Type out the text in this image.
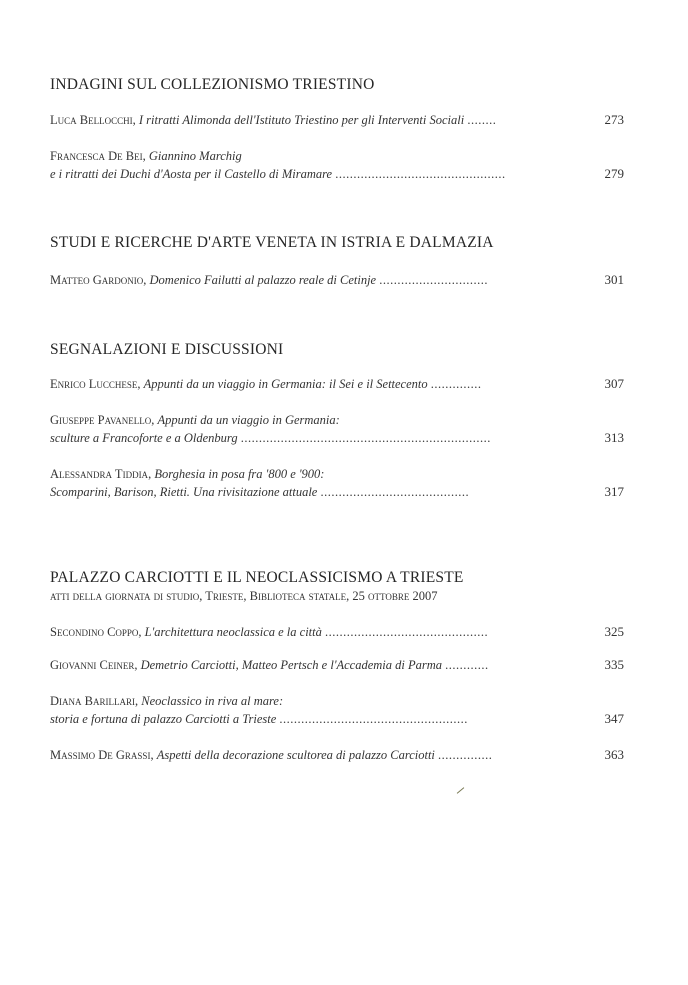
INDAGINI SUL COLLEZIONISMO TRIESTINO
Luca Bellocchi, I ritratti Alimonda dell'Istituto Triestino per gli Interventi Sociali ........	273
Francesca De Bei, Giannino Marchig
e i ritratti dei Duchi d'Aosta per il Castello di Miramare ...............................................	279
STUDI E RICERCHE D'ARTE VENETA IN ISTRIA E DALMAZIA
Matteo Gardonio, Domenico Failutti al palazzo reale di Cetinje ..............................	301
SEGNALAZIONI E DISCUSSIONI
Enrico Lucchese, Appunti da un viaggio in Germania: il Sei e il Settecento ..............	307
Giuseppe Pavanello, Appunti da un viaggio in Germania:
sculture a Francoforte e a Oldenburg .....................................................................	313
Alessandra Tiddia, Borghesia in posa fra '800 e '900:
Scomparini, Barison, Rietti. Una rivisitazione attuale .........................................	317
PALAZZO CARCIOTTI E IL NEOCLASSICISMO A TRIESTE
atti della giornata di studio, Trieste, Biblioteca statale, 25 ottobre 2007
Secondino Coppo, L'architettura neoclassica e la città .............................................	325
Giovanni Ceiner, Demetrio Carciotti, Matteo Pertsch e l'Accademia di Parma ............	335
Diana Barillari, Neoclassico in riva al mare:
storia e fortuna di palazzo Carciotti a Trieste ....................................................	347
Massimo De Grassi, Aspetti della decorazione scultorea di palazzo Carciotti ...............	363
